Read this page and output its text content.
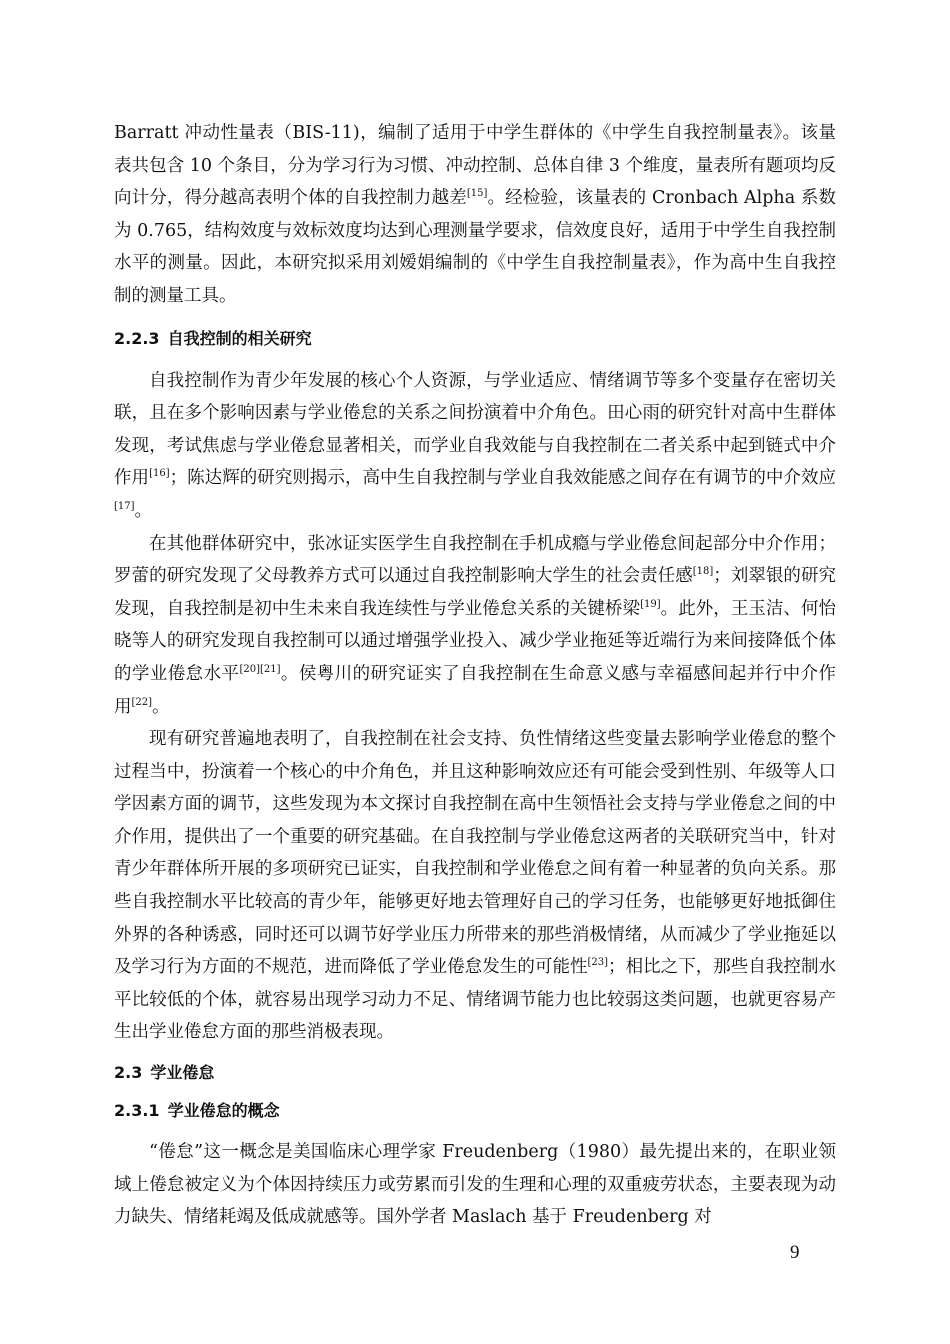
Barratt 冲动性量表（BIS-11)，编制了适用于中学生群体的《中学生自我控制量表》。该量表共包含 10 个条目，分为学习行为习惯、冲动控制、总体自律 3 个维度，量表所有题项均反向计分，得分越高表明个体的自我控制力越差[15]。经检验，该量表的 Cronbach Alpha 系数为 0.765，结构效度与效标效度均达到心理测量学要求，信效度良好，适用于中学生自我控制水平的测量。因此，本研究拟采用刘嫒娟编制的《中学生自我控制量表》，作为高中生自我控制的测量工具。

2.2.3 自我控制的相关研究

自我控制作为青少年发展的核心个人资源，与学业适应、情绪调节等多个变量存在密切关联，且在多个影响因素与学业倦怠的关系之间扮演着中介角色。田心雨的研究针对高中生群体发现，考试焦虑与学业倦怠显著相关，而学业自我效能与自我控制在二者关系中起到链式中介作用[16]；陈达辉的研究则揭示，高中生自我控制与学业自我效能感之间存在有调节的中介效应[17]。

在其他群体研究中，张冰证实医学生自我控制在手机成瘾与学业倦怠间起部分中介作用；罗蕾的研究发现了父母教养方式可以通过自我控制影响大学生的社会责任感[18]；刘翠银的研究发现，自我控制是初中生未来自我连续性与学业倦怠关系的关键桥梁[19]。此外，王玉洁、何怡晓等人的研究发现自我控制可以通过增强学业投入、减少学业拖延等近端行为来间接降低个体的学业倦怠水平[20][21]。侯粤川的研究证实了自我控制在生命意义感与幸福感间起并行中介作用[22]。

现有研究普遍地表明了，自我控制在社会支持、负性情绪这些变量去影响学业倦怠的整个过程当中，扮演着一个核心的中介角色，并且这种影响效应还有可能会受到性别、年级等人口学因素方面的调节，这些发现为本文探讨自我控制在高中生领悟社会支持与学业倦怠之间的中介作用，提供出了一个重要的研究基础。在自我控制与学业倦怠这两者的关联研究当中，针对青少年群体所开展的多项研究已证实，自我控制和学业倦怠之间有着一种显著的负向关系。那些自我控制水平比较高的青少年，能够更好地去管理好自己的学习任务，也能够更好地抵御住外界的各种诱惑，同时还可以调节好学业压力所带来的那些消极情绪，从而减少了学业拖延以及学习行为方面的不规范，进而降低了学业倦怠发生的可能性[23]；相比之下，那些自我控制水平比较低的个体，就容易出现学习动力不足、情绪调节能力也比较弱这类问题，也就更容易产生出学业倦怠方面的那些消极表现。

2.3 学业倦怠
2.3.1 学业倦怠的概念

“倦怠”这一概念是美国临床心理学家 Freudenberg（1980）最先提出来的，在职业领域上倦怠被定义为个体因持续压力或劳累而引发的生理和心理的双重疲劳状态，主要表现为动力缺失、情绪耗竭及低成就感等。国外学者 Maslach 基于 Freudenberg 对

9
